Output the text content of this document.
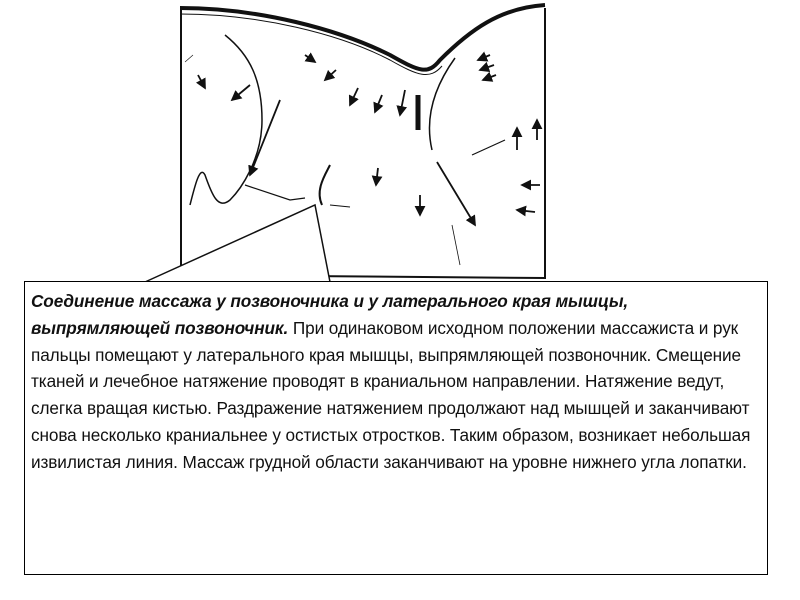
Соединение массажа у позвоночника и у латерального края мышцы, выпрямляющей позвоночник. При одинаковом исходном положении массажиста и рук пальцы помещают у латерального края мышцы, выпрямляющей позвоночник. Смещение тканей и лечебное натяжение проводят в краниальном направлении. Натяжение ведут, слегка вращая кистью. Раздражение натяжением продолжают над мышцей и заканчивают снова несколько краниальнее у остистых отростков. Таким образом, возникает небольшая извилистая линия. Массаж грудной области заканчивают на уровне нижнего угла лопатки.
